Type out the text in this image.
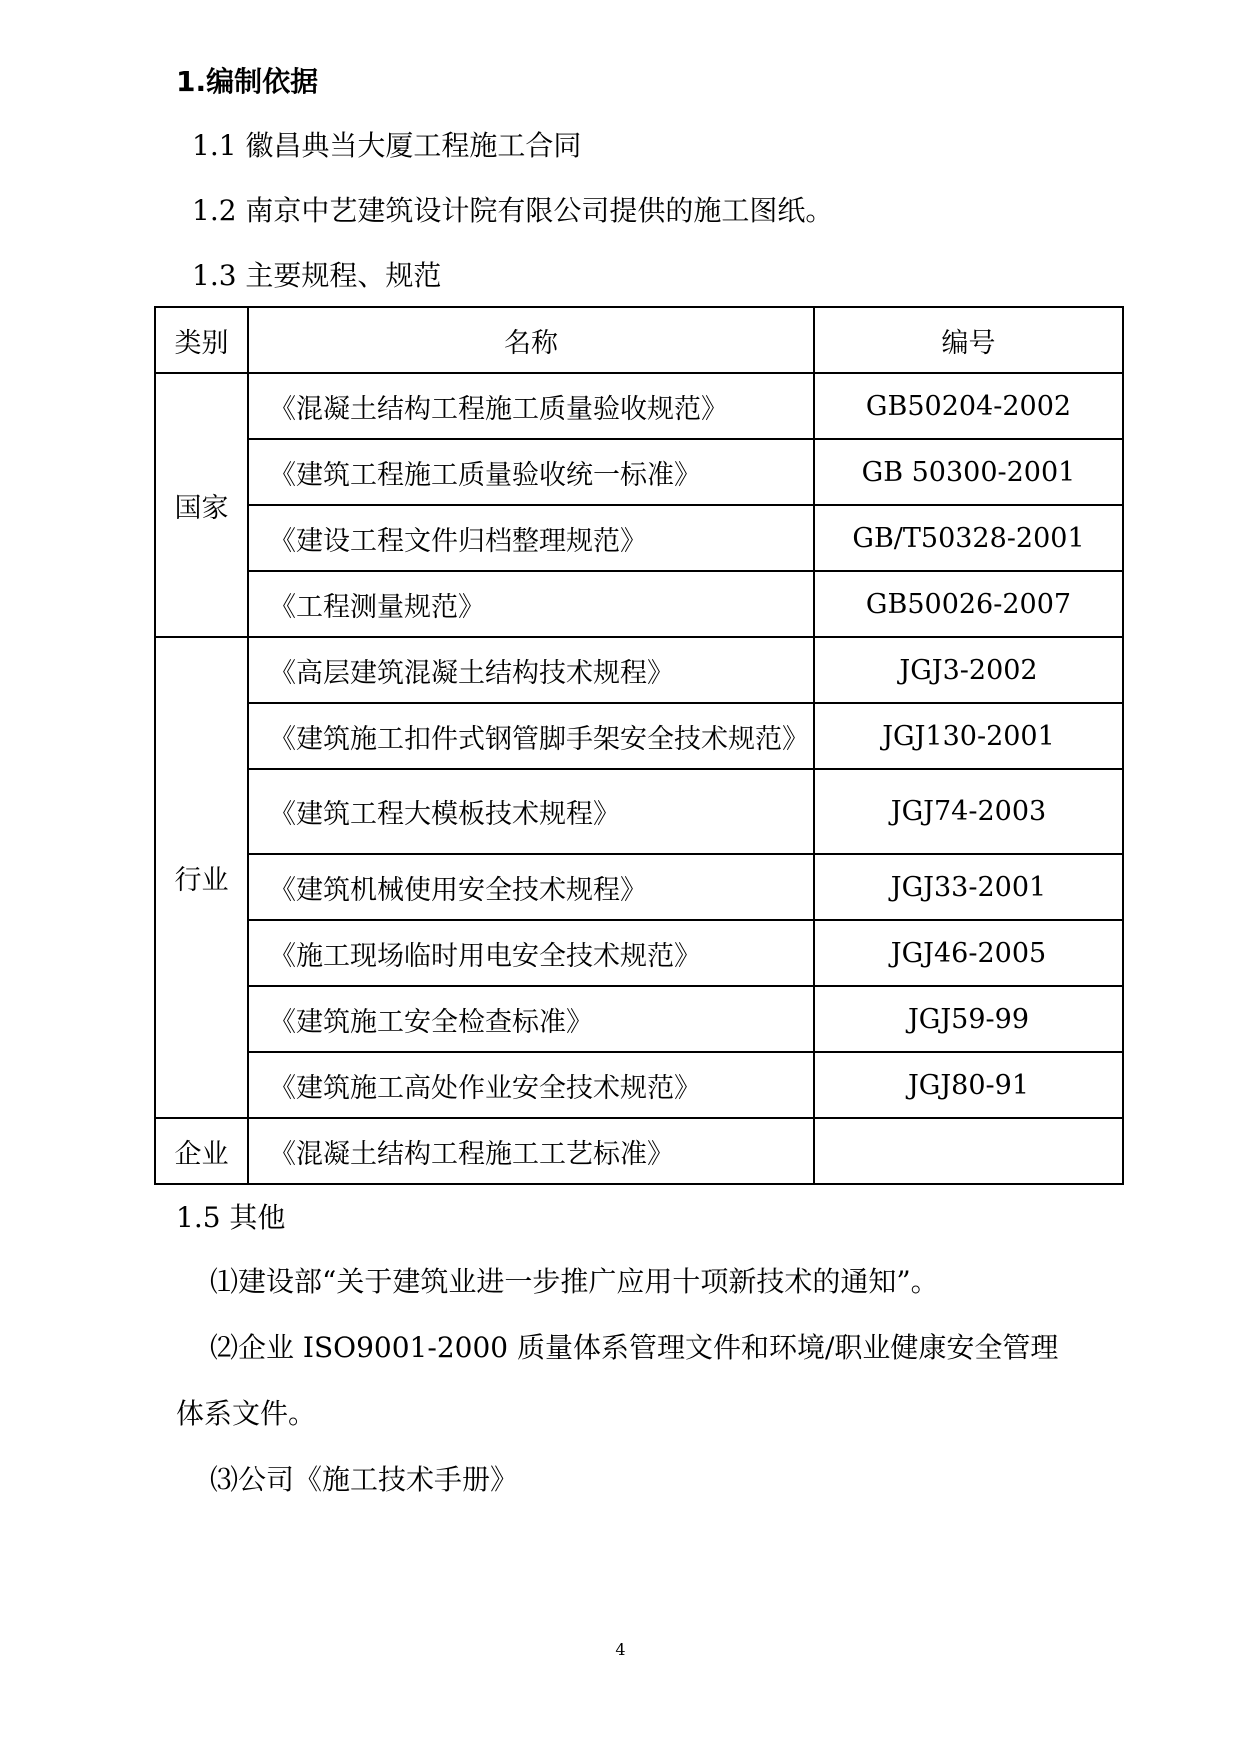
1.编制依据
1.1 徽昌典当大厦工程施工合同
1.2 南京中艺建筑设计院有限公司提供的施工图纸。
1.3 主要规程、规范
类别	名称	编号
国家	《混凝土结构工程施工质量验收规范》	GB50204-2002
	《建筑工程施工质量验收统一标准》	GB 50300-2001
	《建设工程文件归档整理规范》	GB/T50328-2001
	《工程测量规范》	GB50026-2007
行业	《高层建筑混凝土结构技术规程》	JGJ3-2002
	《建筑施工扣件式钢管脚手架安全技术规范》	JGJ130-2001
	《建筑工程大模板技术规程》	JGJ74-2003
	《建筑机械使用安全技术规程》	JGJ33-2001
	《施工现场临时用电安全技术规范》	JGJ46-2005
	《建筑施工安全检查标准》	JGJ59-99
	《建筑施工高处作业安全技术规范》	JGJ80-91
企业	《混凝土结构工程施工工艺标准》	
1.5 其他
⑴建设部“关于建筑业进一步推广应用十项新技术的通知”。
⑵企业 ISO9001-2000 质量体系管理文件和环境/职业健康安全管理
体系文件。
⑶公司《施工技术手册》
4
